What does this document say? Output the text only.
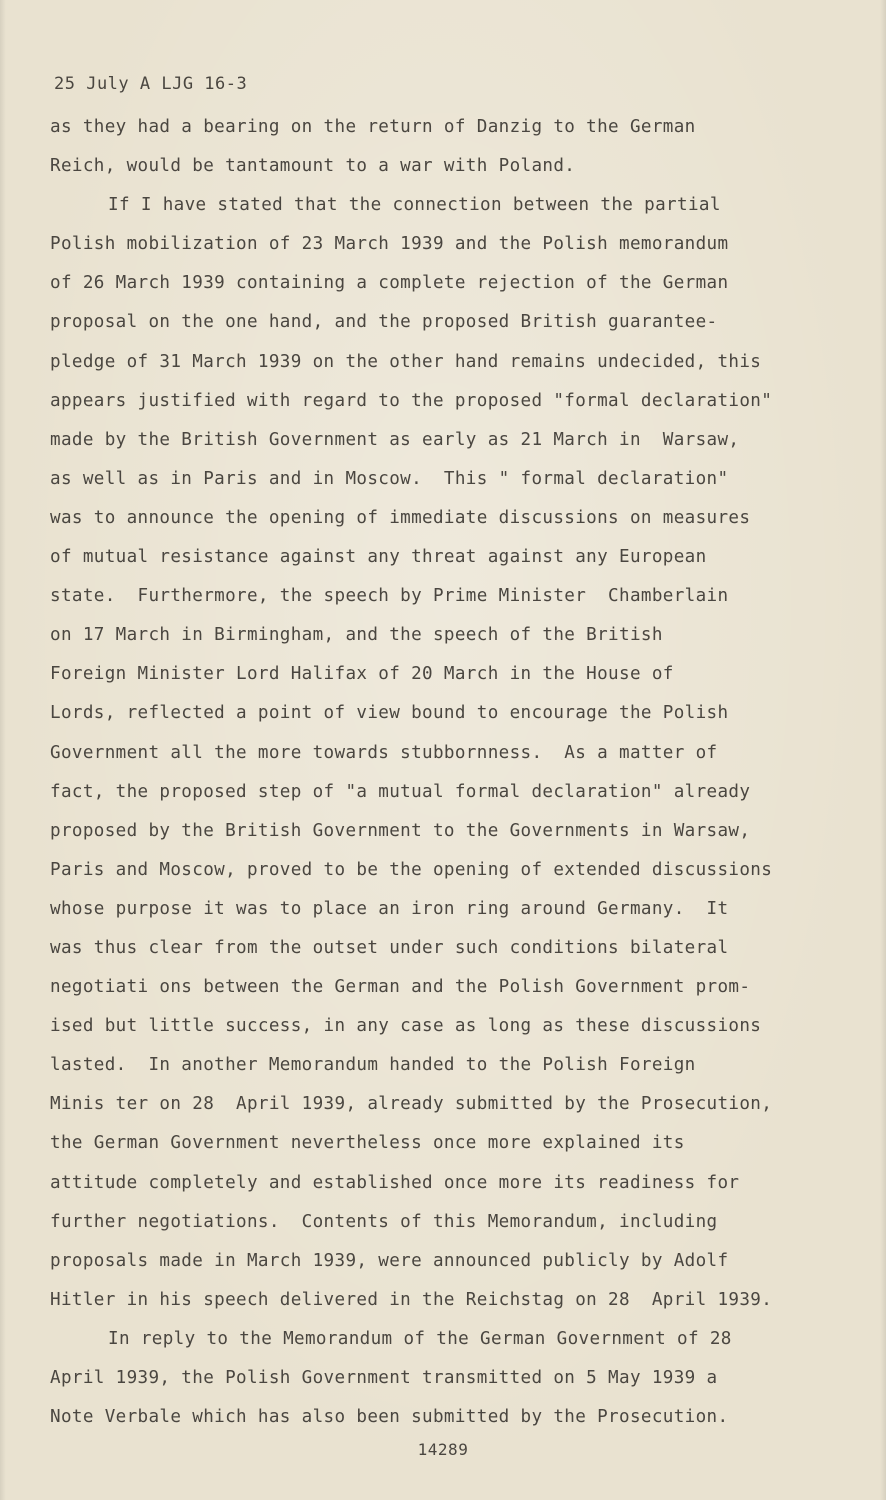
25 July A LJG 16-3
as they had a bearing on the return of Danzig to the German
Reich, would be tantamount to a war with Poland.
If I have stated that the connection between the partial
Polish mobilization of 23 March 1939 and the Polish memorandum
of 26 March 1939 containing a complete rejection of the German
proposal on the one hand, and the proposed British guarantee-
pledge of 31 March 1939 on the other hand remains undecided, this
appears justified with regard to the proposed "formal declaration"
made by the British Government as early as 21 March in  Warsaw,
as well as in Paris and in Moscow.  This " formal declaration"
was to announce the opening of immediate discussions on measures
of mutual resistance against any threat against any European
state.  Furthermore, the speech by Prime Minister  Chamberlain
on 17 March in Birmingham, and the speech of the British
Foreign Minister Lord Halifax of 20 March in the House of
Lords, reflected a point of view bound to encourage the Polish
Government all the more towards stubbornness.  As a matter of
fact, the proposed step of "a mutual formal declaration" already
proposed by the British Government to the Governments in Warsaw,
Paris and Moscow, proved to be the opening of extended discussions
whose purpose it was to place an iron ring around Germany.  It
was thus clear from the outset under such conditions bilateral
negotiati ons between the German and the Polish Government prom-
ised but little success, in any case as long as these discussions
lasted.  In another Memorandum handed to the Polish Foreign
Minis ter on 28  April 1939, already submitted by the Prosecution,
the German Government nevertheless once more explained its
attitude completely and established once more its readiness for
further negotiations.  Contents of this Memorandum, including
proposals made in March 1939, were announced publicly by Adolf
Hitler in his speech delivered in the Reichstag on 28  April 1939.
In reply to the Memorandum of the German Government of 28
April 1939, the Polish Government transmitted on 5 May 1939 a
Note Verbale which has also been submitted by the Prosecution.
14289
